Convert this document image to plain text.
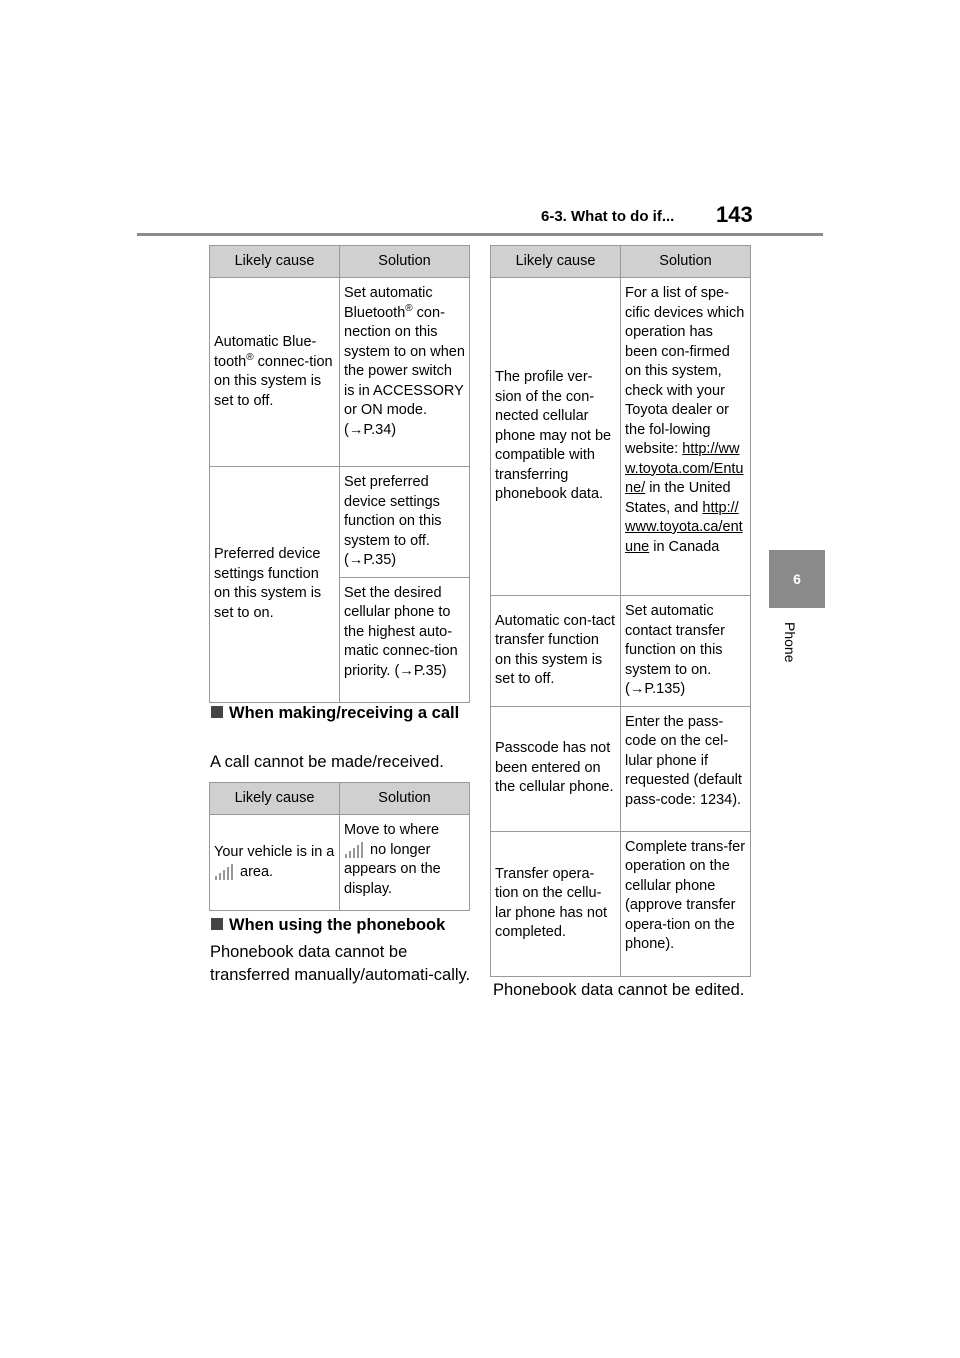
6-3. What to do if... 143
6
Phone
Likely cause	Solution
Automatic Blue-tooth® connec-tion on this system is set to off.	Set automatic Bluetooth® con-nection on this system to on when the power switch is in ACCESSORY or ON mode. (→P.34)
Preferred device settings function on this system is set to on.	Set preferred device settings function on this system to off. (→P.35)
	Set the desired cellular phone to the highest auto-matic connec-tion priority. (→P.35)
When making/receiving a call
A call cannot be made/received.
Likely cause	Solution
Your vehicle is in a  area.	Move to where
no longer appears on the display.
When using the phonebook
Phonebook data cannot be transferred manually/automati-cally.
Likely cause	Solution
The profile ver-sion of the con-nected cellular phone may not be compatible with transferring phonebook data.	For a list of spe-cific devices which operation has been con-firmed on this system, check with your Toyota dealer or the fol-lowing website: http://www.toyota.com/Entune/ in the United States, and http://www.toyota.ca/entune in Canada
Automatic con-tact transfer function on this system is set to off.	Set automatic contact transfer function on this system to on. (→P.135)
Passcode has not been entered on the cellular phone.	Enter the pass-code on the cel-lular phone if requested (default pass-code: 1234).
Transfer opera-tion on the cellu-lar phone has not completed.	Complete trans-fer operation on the cellular phone (approve transfer opera-tion on the phone).
Phonebook data cannot be edited.
